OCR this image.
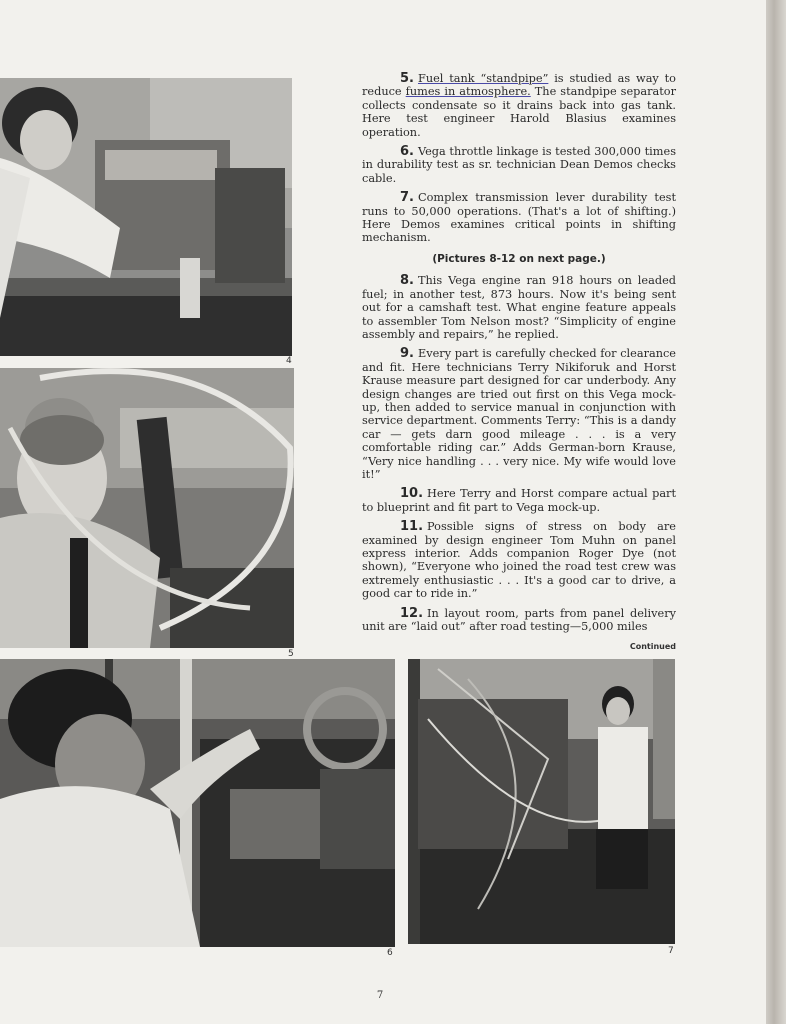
4
5
6	7

5. Fuel tank “standpipe” is studied as way to reduce fumes in atmosphere. The standpipe separator collects condensate so it drains back into gas tank. Here test engineer Harold Blasius examines operation.

6. Vega throttle linkage is tested 300,000 times in durability test as sr. technician Dean Demos checks cable.

7. Complex transmission lever durability test runs to 50,000 operations. (That's a lot of shifting.) Here Demos examines critical points in shifting mechanism.

(Pictures 8-12 on next page.)

8. This Vega engine ran 918 hours on leaded fuel; in another test, 873 hours. Now it's being sent out for a camshaft test. What engine feature appeals to assembler Tom Nelson most? “Simplicity of engine assembly and repairs,” he replied.

9. Every part is carefully checked for clearance and fit. Here technicians Terry Nikiforuk and Horst Krause measure part designed for car underbody. Any design changes are tried out first on this Vega mock-up, then added to service manual in conjunction with service department. Comments Terry: “This is a dandy car — gets darn good mileage . . . is a very comfortable riding car.” Adds German-born Krause, “Very nice handling . . . very nice. My wife would love it!”

10. Here Terry and Horst compare actual part to blueprint and fit part to Vega mock-up.

11. Possible signs of stress on body are examined by design engineer Tom Muhn on panel express interior. Adds companion Roger Dye (not shown), “Everyone who joined the road test crew was extremely enthusiastic . . . It's a good car to drive, a good car to ride in.”

12. In layout room, parts from panel delivery unit are “laid out” after road testing—5,000 miles

Continued
7
